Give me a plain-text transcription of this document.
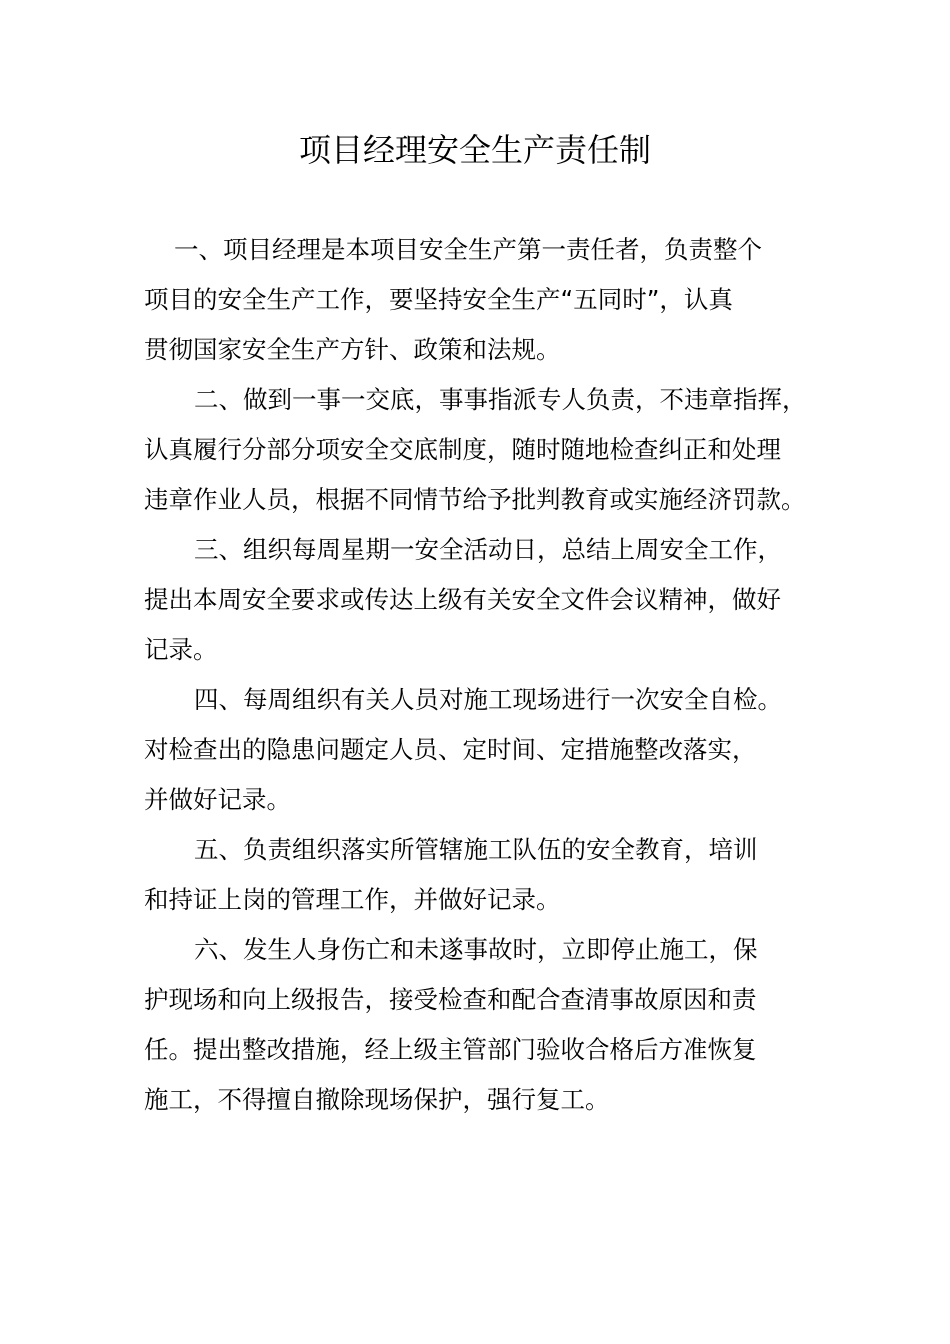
项目经理安全生产责任制
一、项目经理是本项目安全生产第一责任者，负责整个
项目的安全生产工作，要坚持安全生产“五同时”，认真
贯彻国家安全生产方针、政策和法规。
二、做到一事一交底，事事指派专人负责，不违章指挥，
认真履行分部分项安全交底制度，随时随地检查纠正和处理
违章作业人员，根据不同情节给予批判教育或实施经济罚款。
三、组织每周星期一安全活动日，总结上周安全工作，
提出本周安全要求或传达上级有关安全文件会议精神，做好
记录。
四、每周组织有关人员对施工现场进行一次安全自检。
对检查出的隐患问题定人员、定时间、定措施整改落实，
并做好记录。
五、负责组织落实所管辖施工队伍的安全教育，培训
和持证上岗的管理工作，并做好记录。
六、发生人身伤亡和未遂事故时，立即停止施工，保
护现场和向上级报告，接受检查和配合查清事故原因和责
任。提出整改措施，经上级主管部门验收合格后方准恢复
施工，不得擅自撤除现场保护，强行复工。
